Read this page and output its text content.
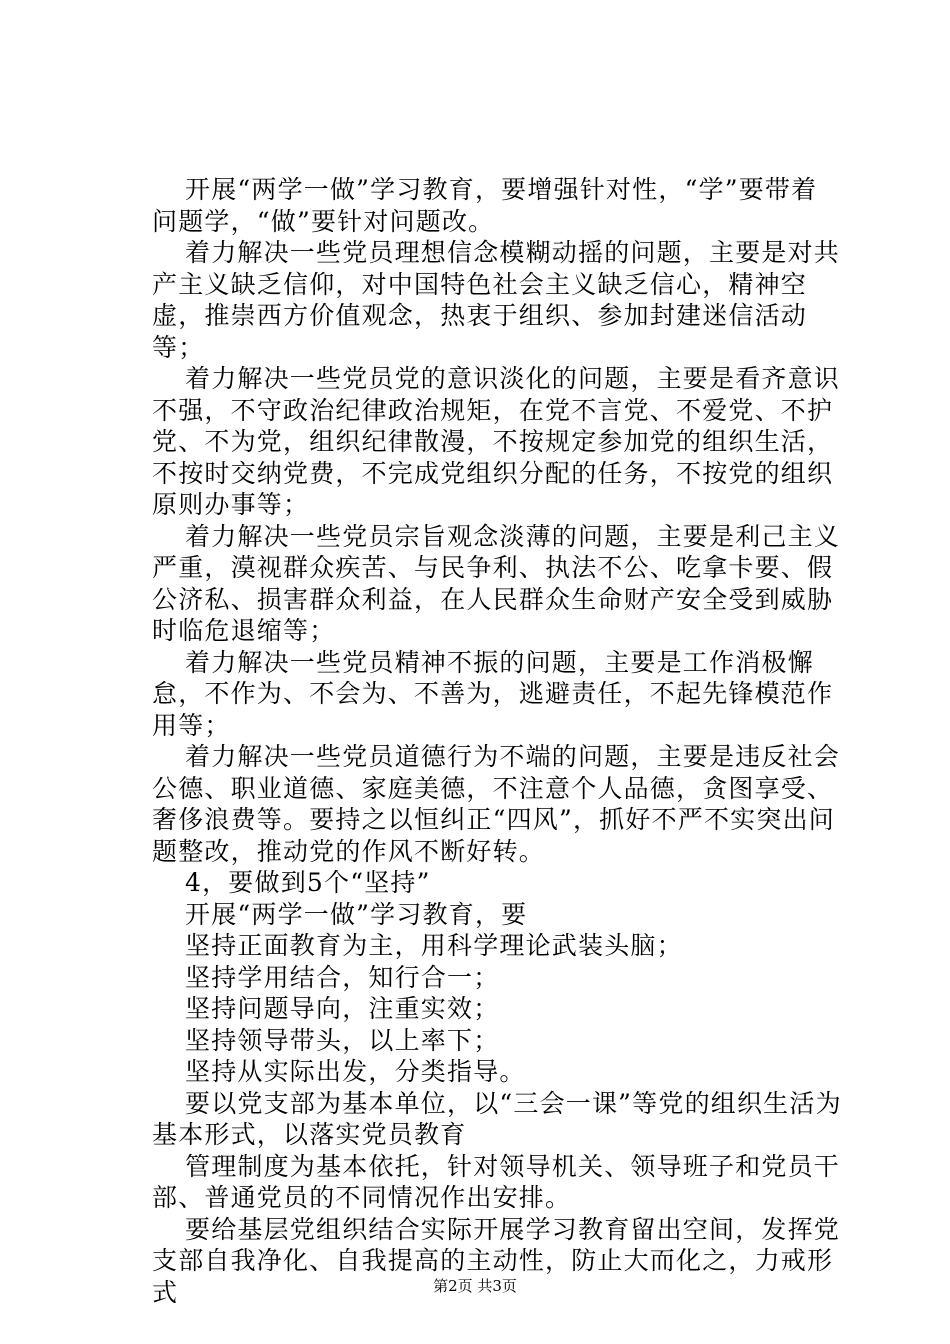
开展“两学一做”学习教育，要增强针对性，“学”要带着问题学，“做”要针对问题改。

着力解决一些党员理想信念模糊动摇的问题，主要是对共产主义缺乏信仰，对中国特色社会主义缺乏信心，精神空虚，推崇西方价值观念，热衷于组织、参加封建迷信活动等；

着力解决一些党员党的意识淡化的问题，主要是看齐意识不强，不守政治纪律政治规矩，在党不言党、不爱党、不护党、不为党，组织纪律散漫，不按规定参加党的组织生活，不按时交纳党费，不完成党组织分配的任务，不按党的组织原则办事等；

着力解决一些党员宗旨观念淡薄的问题，主要是利己主义严重，漠视群众疾苦、与民争利、执法不公、吃拿卡要、假公济私、损害群众利益，在人民群众生命财产安全受到威胁时临危退缩等；

着力解决一些党员精神不振的问题，主要是工作消极懈怠，不作为、不会为、不善为，逃避责任，不起先锋模范作用等；

着力解决一些党员道德行为不端的问题，主要是违反社会公德、职业道德、家庭美德，不注意个人品德，贪图享受、奢侈浪费等。要持之以恒纠正“四风”，抓好不严不实突出问题整改，推动党的作风不断好转。

4，要做到5个“坚持”

开展“两学一做”学习教育，要

坚持正面教育为主，用科学理论武装头脑；

坚持学用结合，知行合一；

坚持问题导向，注重实效；

坚持领导带头，以上率下；

坚持从实际出发，分类指导。

要以党支部为基本单位，以“三会一课”等党的组织生活为基本形式，以落实党员教育

管理制度为基本依托，针对领导机关、领导班子和党员干部、普通党员的不同情况作出安排。

要给基层党组织结合实际开展学习教育留出空间，发挥党支部自我净化、自我提高的主动性，防止大而化之，力戒形式	第2页 共3页
